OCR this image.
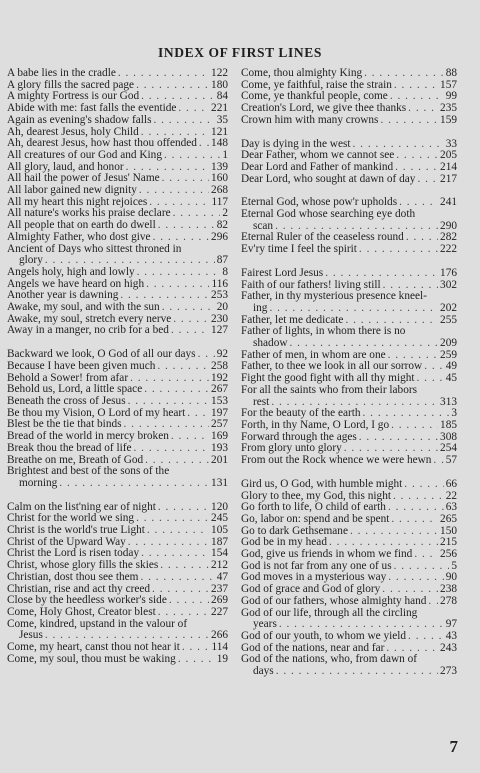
INDEX OF FIRST LINES
A babe lies in the cradle . . .	122
A glory fills the sacred page . . .	180
A mighty Fortress is our God . . .	84
Abide with me: fast falls the eventide . . .	221
Again as evening's shadow falls . . .	35
Ah, dearest Jesus, holy Child . . .	121
Ah, dearest Jesus, how hast thou offended . . . 148
All creatures of our God and King . . .	1
All glory, laud, and honor . . .	139
All hail the power of Jesus' Name . . .	160
All labor gained new dignity . . .	268
All my heart this night rejoices . . .	117
All nature's works his praise declare . . .	2
All people that on earth do dwell . . .	82
Almighty Father, who dost give . . .	296
Ancient of Days who sittest throned in
glory . . .	87
Angels holy, high and lowly . . .	8
Angels we have heard on high . . .	116
Another year is dawning . . .	253
Awake, my soul, and with the sun . . .	20
Awake, my soul, stretch every nerve . . .	230
Away in a manger, no crib for a bed . . .	127
Backward we look, O God of all our days . . . 92
Because I have been given much . . .	258
Behold a Sower! from afar . . .	192
Behold us, Lord, a little space . . .	267
Beneath the cross of Jesus . . .	153
Be thou my Vision, O Lord of my heart . . . 197
Blest be the tie that binds . . .	257
Bread of the world in mercy broken . . .	169
Break thou the bread of life . . .	193
Breathe on me, Breath of God . . .	201
Brightest and best of the sons of the
morning . . .	131
Calm on the list'ning ear of night . . .	120
Christ for the world we sing . . .	245
Christ is the world's true Light . . .	105
Christ of the Upward Way . . .	187
Christ the Lord is risen today . . .	154
Christ, whose glory fills the skies . . .	212
Christian, dost thou see them . . .	47
Christian, rise and act thy creed . . .	237
Close by the heedless worker's side . . .	269
Come, Holy Ghost, Creator blest . . .	227
Come, kindred, upstand in the valour of
Jesus . . .	266
Come, my heart, canst thou not hear it . . .	114
Come, my soul, thou must be waking . . .	19
Come, thou almighty King . . .	88
Come, ye faithful, raise the strain . . .	157
Come, ye thankful people, come . . .	99
Creation's Lord, we give thee thanks . . .	235
Crown him with many crowns . . .	159
Day is dying in the west . . .	33
Dear Father, whom we cannot see . . .	205
Dear Lord and Father of mankind . . .	214
Dear Lord, who sought at dawn of day . . . 217
Eternal God, whose pow'r upholds . . .	241
Eternal God whose searching eye doth
scan . . .	290
Eternal Ruler of the ceaseless round . . .	282
Ev'ry time I feel the spirit . . .	222
Fairest Lord Jesus . . .	176
Faith of our fathers! living still . . .	302
Father, in thy mysterious presence kneel-
ing . . .	202
Father, let me dedicate . . .	255
Father of lights, in whom there is no
shadow . . .	209
Father of men, in whom are one . . .	259
Father, to thee we look in all our sorrow . . . 49
Fight the good fight with all thy might . . .	45
For all the saints who from their labors
rest . . .	313
For the beauty of the earth . . .	3
Forth, in thy Name, O Lord, I go . . .	185
Forward through the ages . . .	308
From glory unto glory . . .	254
From out the Rock whence we were hewn . . . 57
Gird us, O God, with humble might . . .	66
Glory to thee, my God, this night . . .	22
Go forth to life, O child of earth . . .	63
Go, labor on: spend and be spent . . .	265
Go to dark Gethsemane . . .	150
God be in my head . . .	215
God, give us friends in whom we find . . . 256
God is not far from any one of us . . .	5
God moves in a mysterious way . . .	90
God of grace and God of glory . . .	238
God of our fathers, whose almighty hand . . . 278
God of our life, through all the circling
years . . .	97
God of our youth, to whom we yield . . .	43
God of the nations, near and far . . .	243
God of the nations, who, from dawn of
days . . .	273
7
